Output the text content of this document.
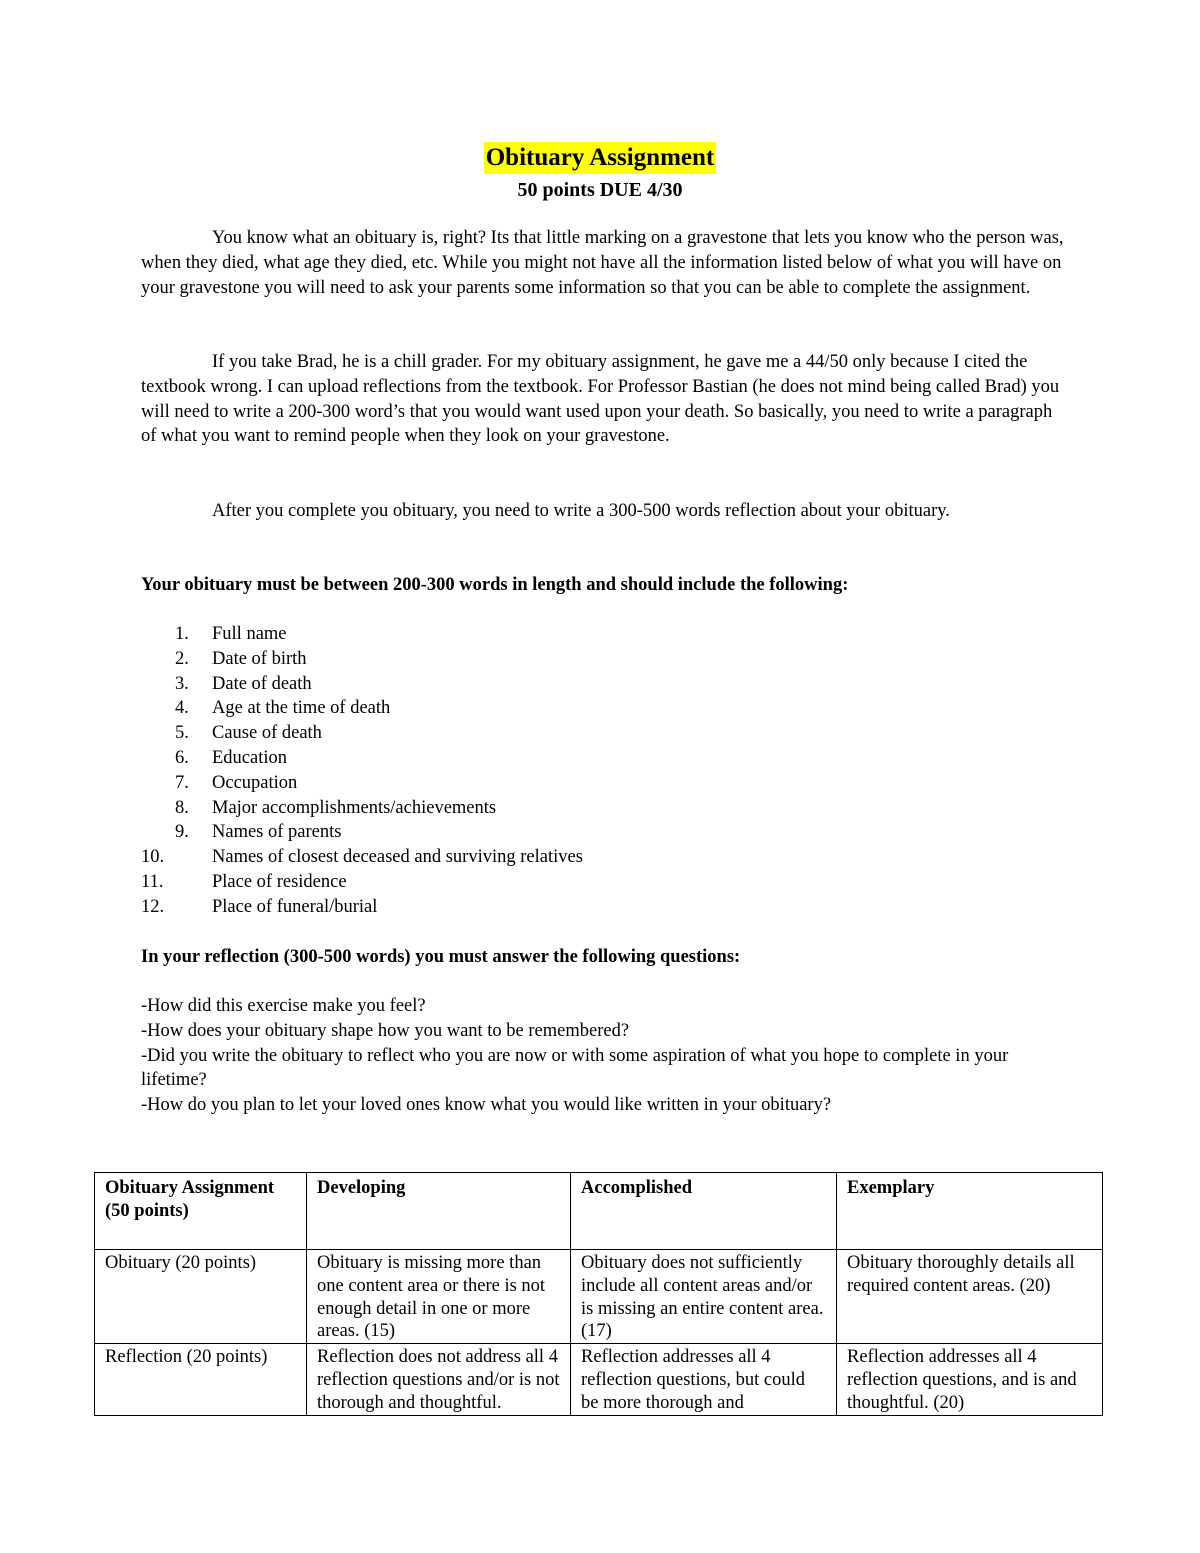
Obituary Assignment
50 points DUE 4/30
You know what an obituary is, right? Its that little marking on a gravestone that lets you know who the person was, when they died, what age they died, etc. While you might not have all the information listed below of what you will have on your gravestone you will need to ask your parents some information so that you can be able to complete the assignment.
If you take Brad, he is a chill grader. For my obituary assignment, he gave me a 44/50 only because I cited the textbook wrong. I can upload reflections from the textbook. For Professor Bastian (he does not mind being called Brad) you will need to write a 200-300 word’s that you would want used upon your death. So basically, you need to write a paragraph of what you want to remind people when they look on your gravestone.
After you complete you obituary, you need to write a 300-500 words reflection about your obituary.
Your obituary must be between 200-300 words in length and should include the following:
1. Full name
2. Date of birth
3. Date of death
4. Age at the time of death
5. Cause of death
6. Education
7. Occupation
8. Major accomplishments/achievements
9. Names of parents
10.	Names of closest deceased and surviving relatives
11.	Place of residence
12.	Place of funeral/burial
In your reflection (300-500 words) you must answer the following questions:
-How did this exercise make you feel?
-How does your obituary shape how you want to be remembered?
-Did you write the obituary to reflect who you are now or with some aspiration of what you hope to complete in your lifetime?
-How do you plan to let your loved ones know what you would like written in your obituary?
Obituary Assignment (50 points)	Developing	Accomplished	Exemplary
Obituary (20 points)	Obituary is missing more than one content area or there is not enough detail in one or more areas. (15)	Obituary does not sufficiently include all content areas and/or is missing an entire content area. (17)	Obituary thoroughly details all required content areas. (20)
Reflection (20 points)	Reflection does not address all 4 reflection questions and/or is not thorough and thoughtful.	Reflection addresses all 4 reflection questions, but could be more thorough and	Reflection addresses all 4 reflection questions, and is and thoughtful. (20)
